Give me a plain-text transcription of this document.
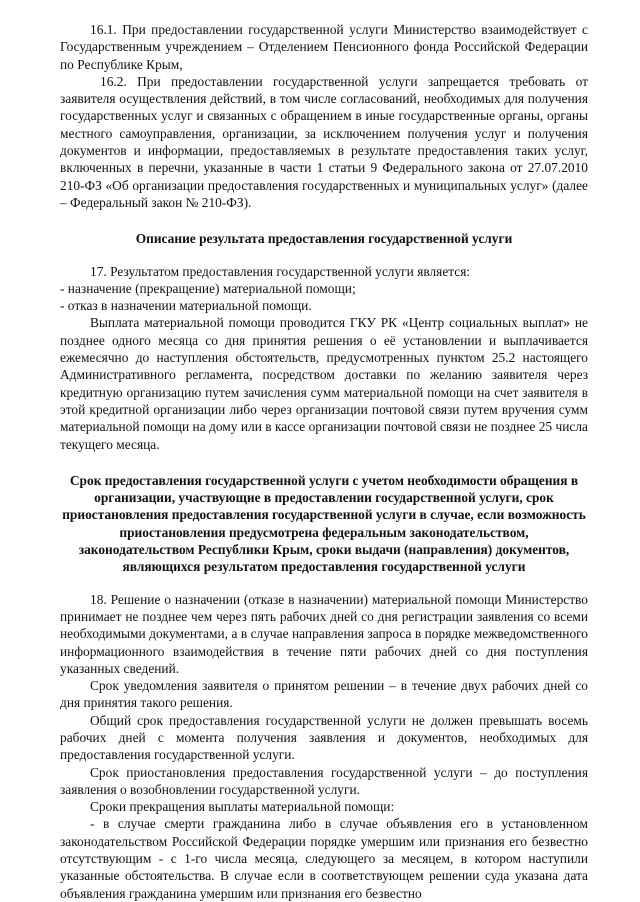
16.1. При предоставлении государственной услуги Министерство взаимодействует с Государственным учреждением – Отделением Пенсионного фонда Российской Федерации по Республике Крым,

16.2. При предоставлении государственной услуги запрещается требовать от заявителя осуществления действий, в том числе согласований, необходимых для получения государственных услуг и связанных с обращением в иные государственные органы, органы местного самоуправления, организации, за исключением получения услуг и получения документов и информации, предоставляемых в результате предоставления таких услуг, включенных в перечни, указанные в части 1 статьи 9 Федерального закона от 27.07.2010 210-ФЗ «Об организации предоставления государственных и муниципальных услуг» (далее – Федеральный закон № 210-ФЗ).

Описание результата предоставления государственной услуги

17. Результатом предоставления государственной услуги является:

- назначение (прекращение) материальной помощи;

- отказ в назначении материальной помощи.

Выплата материальной помощи проводится ГКУ РК «Центр социальных выплат» не позднее одного месяца со дня принятия решения о её установлении и выплачивается ежемесячно до наступления обстоятельств, предусмотренных пунктом 25.2 настоящего Административного регламента, посредством доставки по желанию заявителя через кредитную организацию путем зачисления сумм материальной помощи на счет заявителя в этой кредитной организации либо через организации почтовой связи путем вручения сумм материальной помощи на дому или в кассе организации почтовой связи не позднее 25 числа текущего месяца.

Срок предоставления государственной услуги с учетом необходимости обращения в организации, участвующие в предоставлении государственной услуги, срок приостановления предоставления государственной услуги в случае, если возможность приостановления предусмотрена федеральным законодательством, законодательством Республики Крым, сроки выдачи (направления) документов, являющихся результатом предоставления государственной услуги

18. Решение о назначении (отказе в назначении) материальной помощи Министерство принимает не позднее чем через пять рабочих дней со дня регистрации заявления со всеми необходимыми документами, а в случае направления запроса в порядке межведомственного информационного взаимодействия в течение пяти рабочих дней со дня поступления указанных сведений.

Срок уведомления заявителя о принятом решении – в течение двух рабочих дней со дня принятия такого решения.

Общий срок предоставления государственной услуги не должен превышать восемь рабочих дней с момента получения заявления и документов, необходимых для предоставления государственной услуги.

Срок приостановления предоставления государственной услуги – до поступления заявления о возобновлении государственной услуги.

Сроки прекращения выплаты материальной помощи:

- в случае смерти гражданина либо в случае объявления его в установленном законодательством Российской Федерации порядке умершим или признания его безвестно отсутствующим - с 1-го числа месяца, следующего за месяцем, в котором наступили указанные обстоятельства. В случае если в соответствующем решении суда указана дата объявления гражданина умершим или признания его безвестно
